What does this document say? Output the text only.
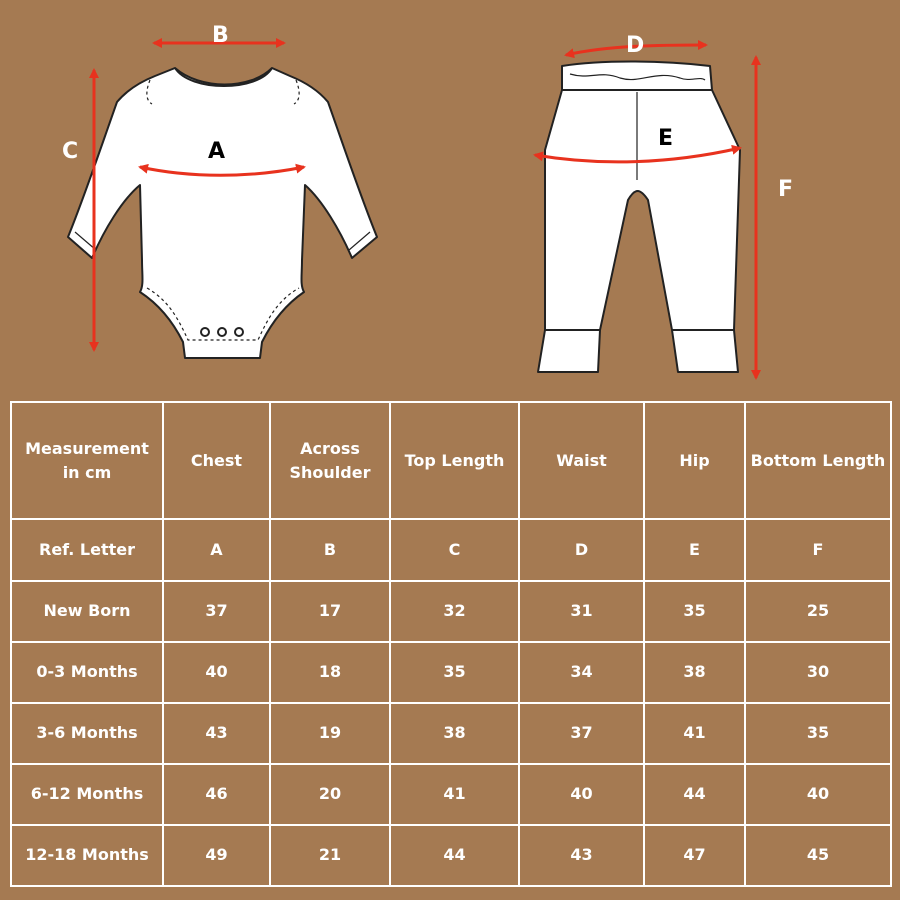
B
A
C
D
E
F
Measurement in cm	Chest	Across Shoulder	Top Length	Waist	Hip	Bottom Length
Ref. Letter	A	B	C	D	E	F
New Born	37	17	32	31	35	25
0-3 Months	40	18	35	34	38	30
3-6 Months	43	19	38	37	41	35
6-12 Months	46	20	41	40	44	40
12-18 Months	49	21	44	43	47	45
